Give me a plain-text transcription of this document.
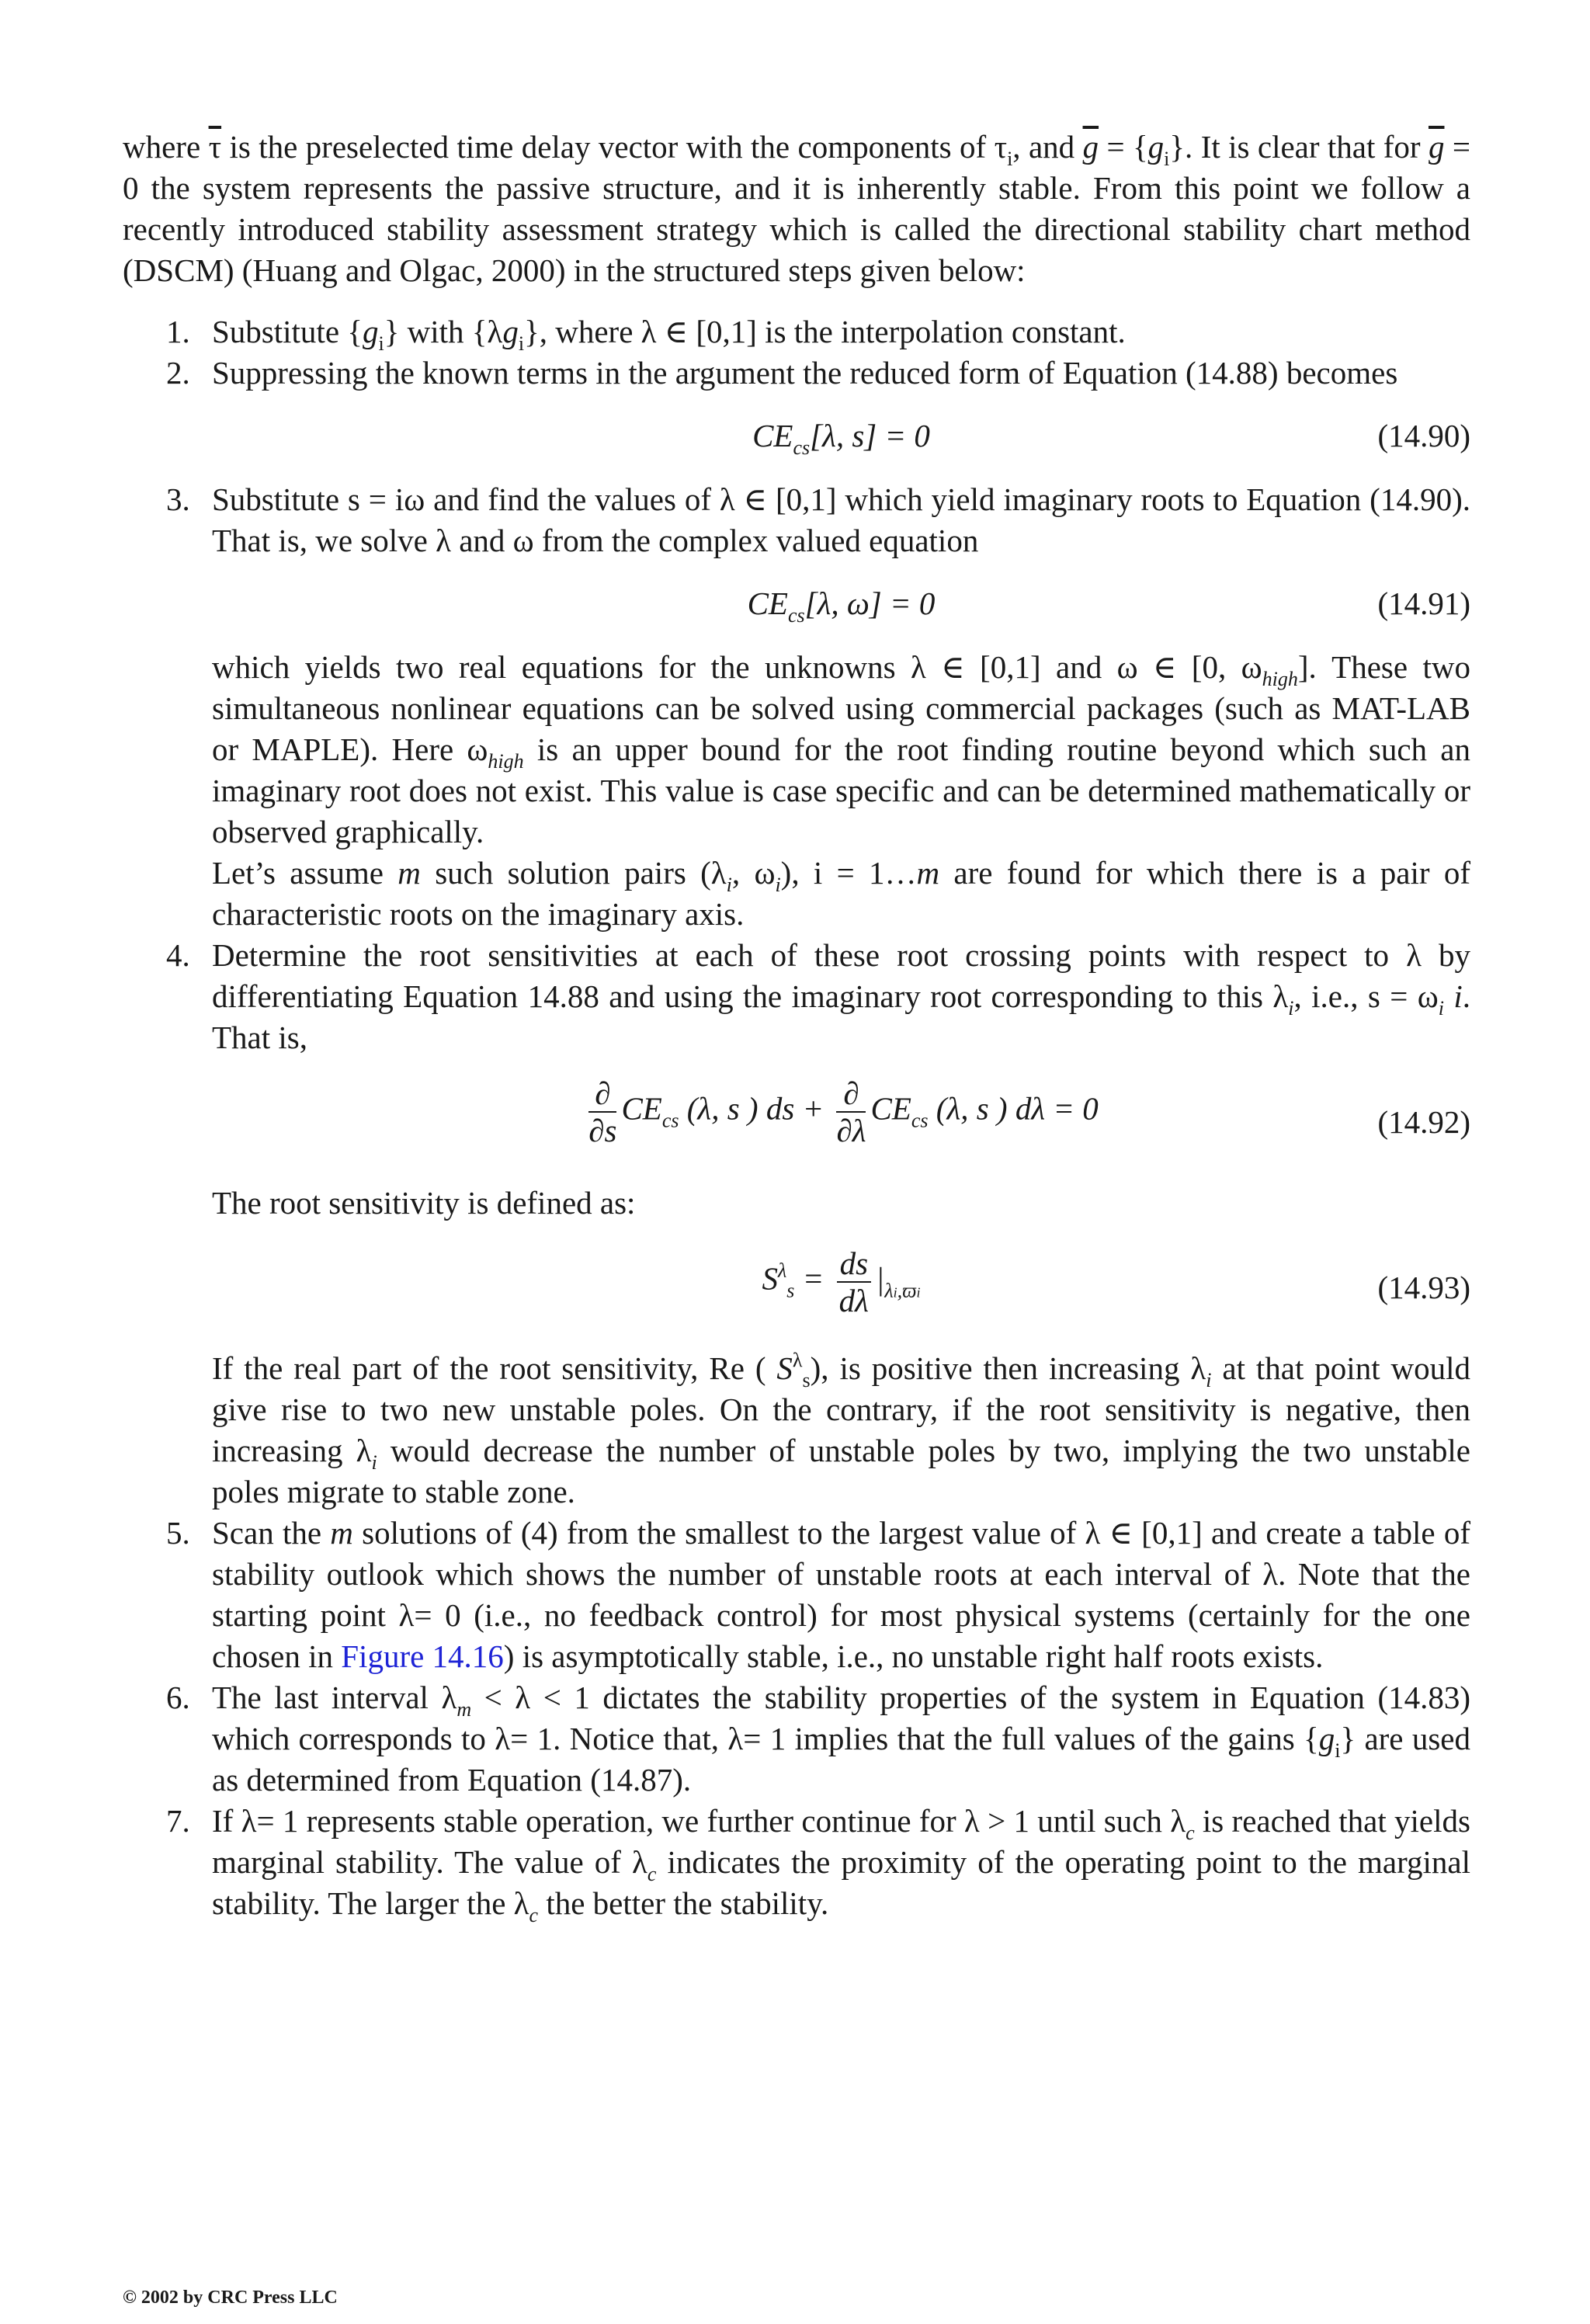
where $\overline{\tau}$ is the preselected time delay vector with the components of $\tau_i$, and $\overline{g} = \{g_i\}$. It is clear that for $\overline{g} = 0$ the system represents the passive structure, and it is inherently stable. From this point we follow a recently introduced stability assessment strategy which is called the directional stability chart method (DSCM) (Huang and Olgac, 2000) in the structured steps given below:

1. Substitute $\{g_i\}$ with $\{\lambda g_i\}$, where λ ∈ [0,1] is the interpolation constant.

2. Suppressing the known terms in the argument the reduced form of Equation (14.88) becomes

$CE_{cs}[\lambda$, s] = 0	(14.90)
3. Substitute s = iω and find the values of λ ∈ [0,1] which yield imaginary roots to Equation (14.90). That is, we solve λ and ω from the complex valued equation

$CE_{cs}[\lambda$, ω] = 0	(14.91)

which yields two real equations for the unknowns λ ∈ [0,1] and ω ∈ [0, $\omega_{high}$]. These two simultaneous nonlinear equations can be solved using commercial packages (such as MAT-LAB or MAPLE). Here $\omega_{high}$ is an upper bound for the root finding routine beyond which such an imaginary root does not exist. This value is case specific and can be determined mathematically or observed graphically.

Let’s assume m such solution pairs ($\lambda_i$, $\omega_i$), i = 1…m are found for which there is a pair of characteristic roots on the imaginary axis.

4. Determine the root sensitivities at each of these root crossing points with respect to λ by differentiating Equation 14.88 and using the imaginary root corresponding to this $\lambda_i$, i.e., $s = \omega_i$ i. That is,

$\frac{\partial}{\partial s} CE_{cs}$ (λ, s ) ds + $\frac{\partial}{\partial\lambda} CE_{cs}$ (λ, s ) dλ = 0	(14.92)

The root sensitivity is defined as:

$S^\lambda_s = \frac{ds}{d\lambda} |_{\lambda i,ϖi}$	(14.93)

If the real part of the root sensitivity, Re ( $S^\lambda_s$), is positive then increasing $\lambda_i$ at that point would give rise to two new unstable poles. On the contrary, if the root sensitivity is negative, then increasing $\lambda_i$ would decrease the number of unstable poles by two, implying the two unstable poles migrate to stable zone.

5. Scan the m solutions of (4) from the smallest to the largest value of λ ∈ [0,1] and create a table of stability outlook which shows the number of unstable roots at each interval of λ. Note that the starting point λ= 0 (i.e., no feedback control) for most physical systems (certainly for the one chosen in Figure 14.16) is asymptotically stable, i.e., no unstable right half roots exists.

6. The last interval $\lambda_m < \lambda < 1$ dictates the stability properties of the system in Equation (14.83) which corresponds to λ= 1. Notice that, λ= 1 implies that the full values of the gains $\{g_i\}$ are used as determined from Equation (14.87).

7. If λ= 1 represents stable operation, we further continue for λ > 1 until such $\lambda_c$ is reached that yields marginal stability. The value of $\lambda_c$ indicates the proximity of the operating point to the marginal stability. The larger the $\lambda_c$ the better the stability.

© 2002 by CRC Press LLC
